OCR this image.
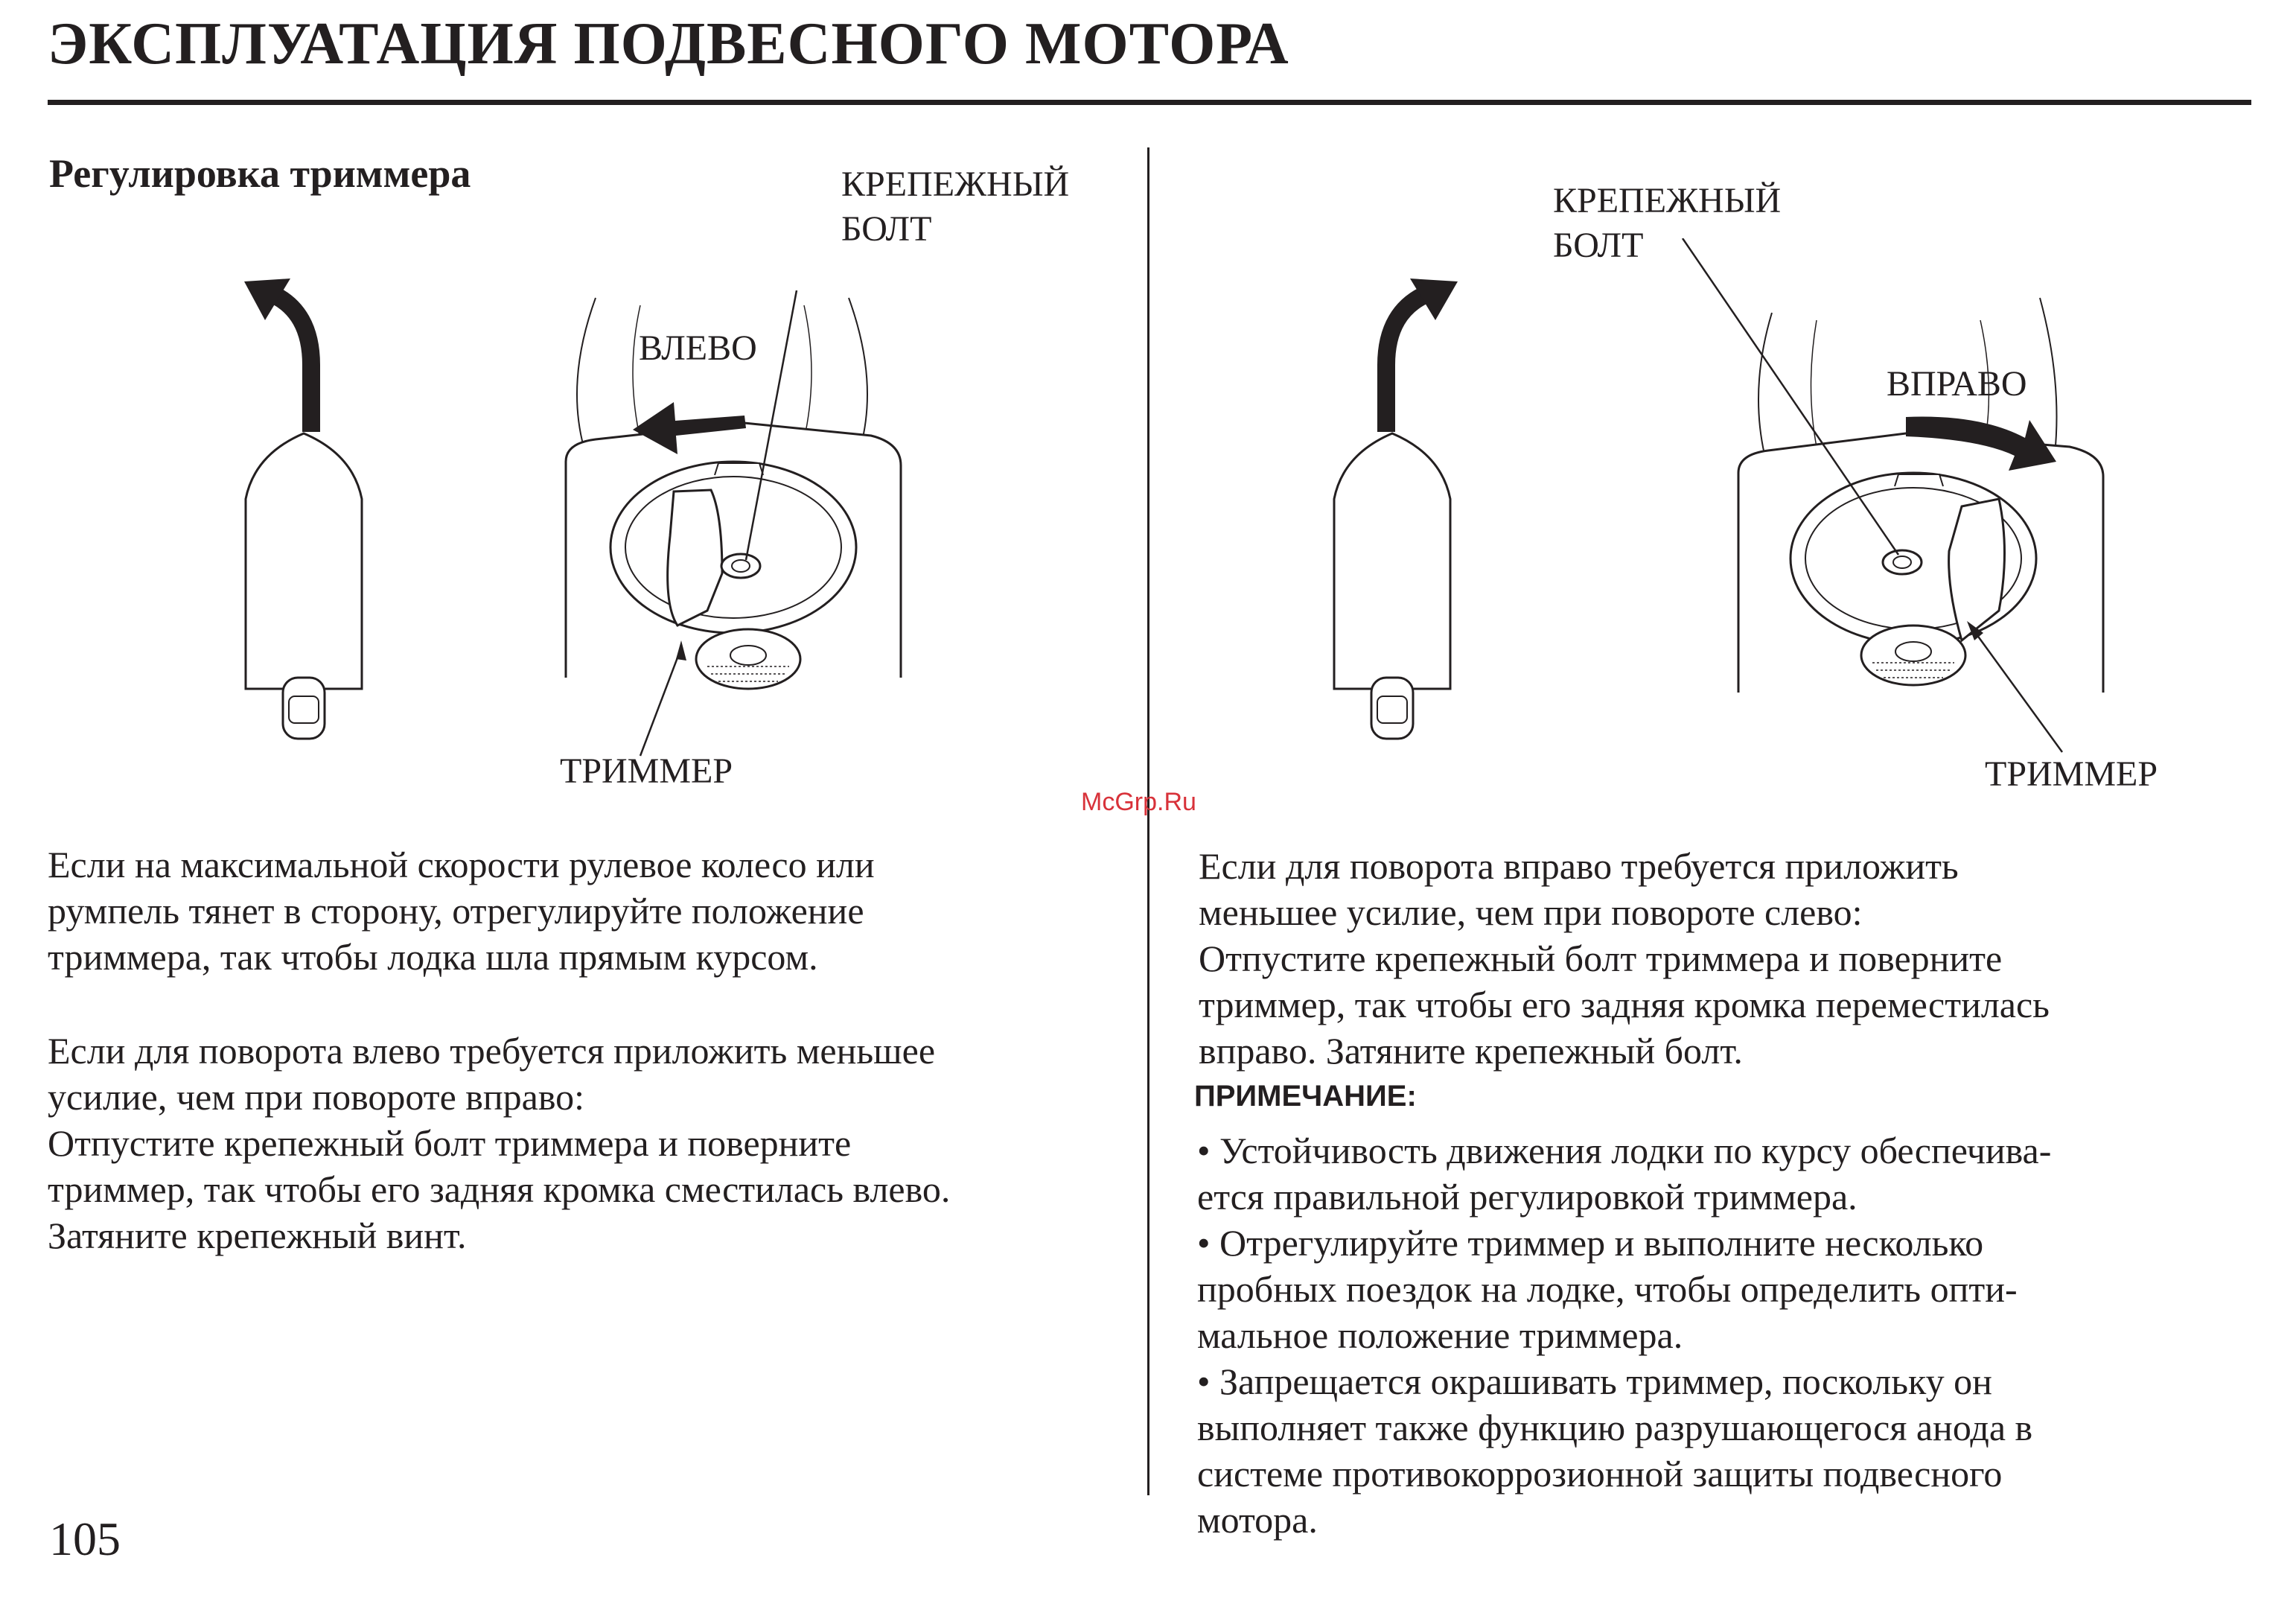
ЭКСПЛУАТАЦИЯ ПОДВЕСНОГО МОТОРА
Регулировка триммера	КРЕПЕЖНЫЙ
БОЛТ
ВЛЕВО
ТРИММЕР
КРЕПЕЖНЫЙ
БОЛТ
ВПРАВО
ТРИММЕР
McGrp.Ru
Если на максимальной скорости рулевое колесо или
румпель тянет в сторону, отрегулируйте положение
триммера, так чтобы лодка шла прямым курсом.
Если для поворота влево требуется приложить меньшее
усилие, чем при повороте вправо:
Отпустите крепежный болт триммера и поверните
триммер, так чтобы его задняя кромка сместилась влево.
Затяните крепежный винт.
Если для поворота вправо требуется приложить
меньшее усилие, чем при повороте слево:
Отпустите крепежный болт триммера и поверните
триммер, так чтобы его задняя кромка переместилась
вправо. Затяните крепежный болт.
ПРИМЕЧАНИЕ:
• Устойчивость движения лодки по курсу обеспечива-
ется правильной регулировкой триммера.
• Отрегулируйте триммер и выполните несколько
пробных поездок на лодке, чтобы определить опти-
мальное положение триммера.
• Запрещается окрашивать триммер, поскольку он
выполняет также функцию разрушающегося анода в
системе противокоррозионной защиты подвесного
мотора.
105
